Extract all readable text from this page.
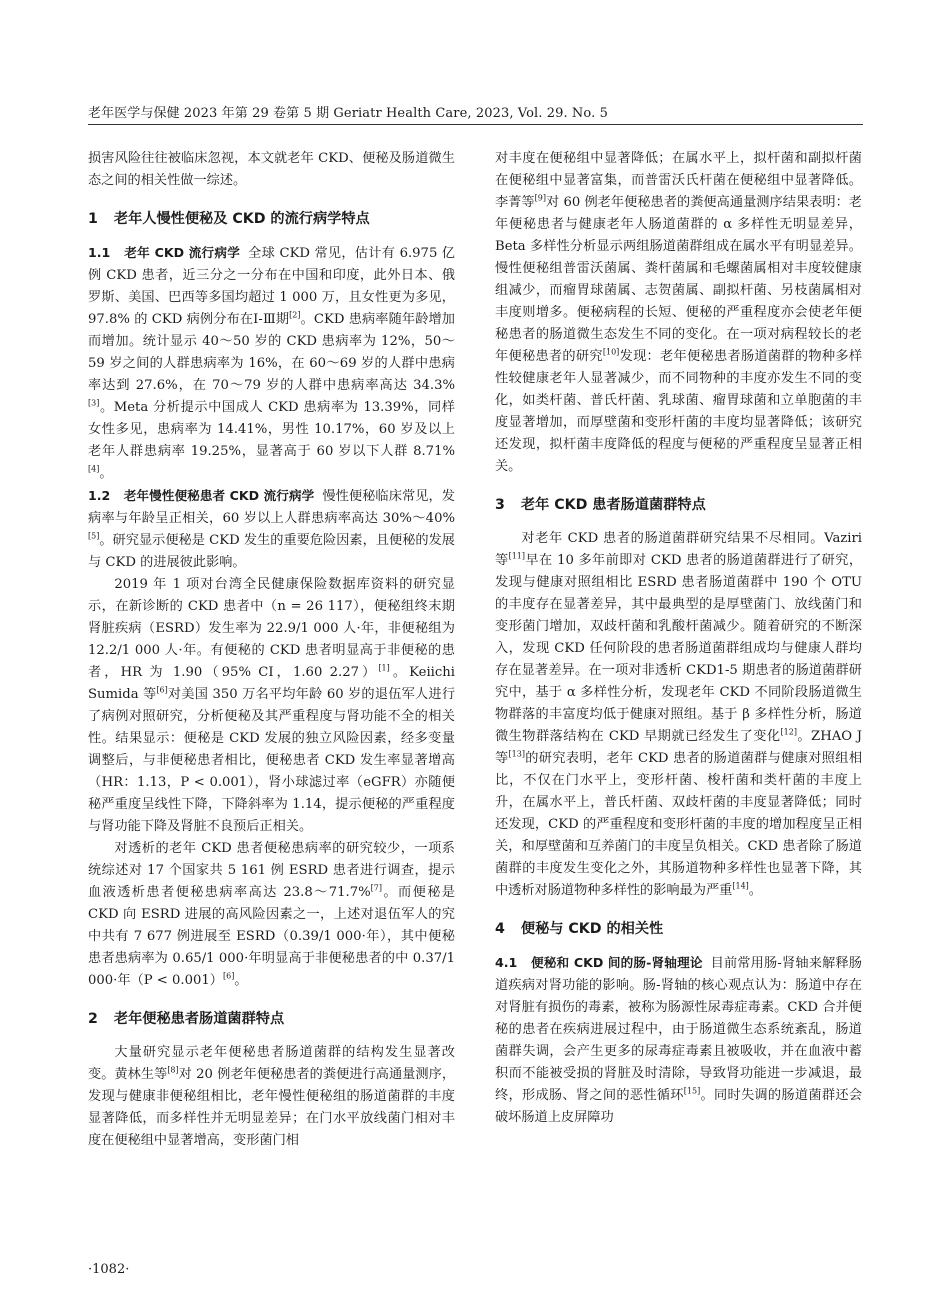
老年医学与保健 2023 年第 29 卷第 5 期 Geriatr Health Care, 2023, Vol. 29. No. 5

损害风险往往被临床忽视，本文就老年 CKD、便秘及肠道微生态之间的相关性做一综述。

1 老年人慢性便秘及 CKD 的流行病学特点

1.1 老年 CKD 流行病学 全球 CKD 常见，估计有 6.975 亿例 CKD 患者，近三分之一分布在中国和印度，此外日本、俄罗斯、美国、巴西等多国均超过 1 000 万，且女性更为多见，97.8% 的 CKD 病例分布在Ⅰ-Ⅲ期[2]。CKD 患病率随年龄增加而增加。统计显示 40～50 岁的 CKD 患病率为 12%，50～59 岁之间的人群患病率为 16%，在 60～69 岁的人群中患病率达到 27.6%，在 70～79 岁的人群中患病率高达 34.3%[3]。Meta 分析提示中国成人 CKD 患病率为 13.39%，同样女性多见，患病率为 14.41%，男性 10.17%，60 岁及以上老年人群患病率 19.25%，显著高于 60 岁以下人群 8.71%[4]。

1.2 老年慢性便秘患者 CKD 流行病学 慢性便秘临床常见，发病率与年龄呈正相关，60 岁以上人群患病率高达 30%～40%[5]。研究显示便秘是 CKD 发生的重要危险因素，且便秘的发展与 CKD 的进展彼此影响。

2019 年 1 项对台湾全民健康保险数据库资料的研究显示，在新诊断的 CKD 患者中（n = 26 117），便秘组终末期肾脏疾病（ESRD）发生率为 22.9/1 000 人·年，非便秘组为 12.2/1 000 人·年。有便秘的 CKD 患者明显高于非便秘的患者，HR 为 1.90（95% CI，1.60 2.27）[1]。Keiichi Sumida 等[6]对美国 350 万名平均年龄 60 岁的退伍军人进行了病例对照研究，分析便秘及其严重程度与肾功能不全的相关性。结果显示：便秘是 CKD 发展的独立风险因素，经多变量调整后，与非便秘患者相比，便秘患者 CKD 发生率显著增高（HR：1.13，P < 0.001），肾小球滤过率（eGFR）亦随便秘严重度呈线性下降，下降斜率为 1.14，提示便秘的严重程度与肾功能下降及肾脏不良预后正相关。

对透析的老年 CKD 患者便秘患病率的研究较少，一项系统综述对 17 个国家共 5 161 例 ESRD 患者进行调查，提示血液透析患者便秘患病率高达 23.8～71.7%[7]。而便秘是 CKD 向 ESRD 进展的高风险因素之一，上述对退伍军人的究中共有 7 677 例进展至 ESRD（0.39/1 000·年），其中便秘患者患病率为 0.65/1 000·年明显高于非便秘患者的中 0.37/1 000·年（P < 0.001）[6]。

2 老年便秘患者肠道菌群特点

大量研究显示老年便秘患者肠道菌群的结构发生显著改变。黄林生等[8]对 20 例老年便秘患者的粪便进行高通量测序，发现与健康非便秘组相比，老年慢性便秘组的肠道菌群的丰度显著降低，而多样性并无明显差异；在门水平放线菌门相对丰度在便秘组中显著增高，变形菌门相

对丰度在便秘组中显著降低；在属水平上，拟杆菌和副拟杆菌在便秘组中显著富集，而普雷沃氏杆菌在便秘组中显著降低。李菁等[9]对 60 例老年便秘患者的粪便高通量测序结果表明：老年便秘患者与健康老年人肠道菌群的 α 多样性无明显差异，Beta 多样性分析显示两组肠道菌群组成在属水平有明显差异。慢性便秘组普雷沃菌属、粪杆菌属和毛螺菌属相对丰度较健康组减少，而瘤胃球菌属、志贺菌属、副拟杆菌、另枝菌属相对丰度则增多。便秘病程的长短、便秘的严重程度亦会使老年便秘患者的肠道微生态发生不同的变化。在一项对病程较长的老年便秘患者的研究[10]发现：老年便秘患者肠道菌群的物种多样性较健康老年人显著减少，而不同物种的丰度亦发生不同的变化，如类杆菌、普氏杆菌、乳球菌、瘤胃球菌和立单胞菌的丰度显著增加，而厚壁菌和变形杆菌的丰度均显著降低；该研究还发现，拟杆菌丰度降低的程度与便秘的严重程度呈显著正相关。

3 老年 CKD 患者肠道菌群特点

对老年 CKD 患者的肠道菌群研究结果不尽相同。Vaziri 等[11]早在 10 多年前即对 CKD 患者的肠道菌群进行了研究，发现与健康对照组相比 ESRD 患者肠道菌群中 190 个 OTU 的丰度存在显著差异，其中最典型的是厚壁菌门、放线菌门和变形菌门增加，双歧杆菌和乳酸杆菌减少。随着研究的不断深入，发现 CKD 任何阶段的患者肠道菌群组成均与健康人群均存在显著差异。在一项对非透析 CKD1-5 期患者的肠道菌群研究中，基于 α 多样性分析，发现老年 CKD 不同阶段肠道微生物群落的丰富度均低于健康对照组。基于 β 多样性分析，肠道微生物群落结构在 CKD 早期就已经发生了变化[12]。ZHAO J 等[13]的研究表明，老年 CKD 患者的肠道菌群与健康对照组相比，不仅在门水平上，变形杆菌、梭杆菌和类杆菌的丰度上升，在属水平上，普氏杆菌、双歧杆菌的丰度显著降低；同时还发现，CKD 的严重程度和变形杆菌的丰度的增加程度呈正相关，和厚壁菌和互养菌门的丰度呈负相关。CKD 患者除了肠道菌群的丰度发生变化之外，其肠道物种多样性也显著下降，其中透析对肠道物种多样性的影响最为严重[14]。

4 便秘与 CKD 的相关性

4.1 便秘和 CKD 间的肠-肾轴理论 目前常用肠-肾轴来解释肠道疾病对肾功能的影响。肠-肾轴的核心观点认为：肠道中存在对肾脏有损伤的毒素，被称为肠源性尿毒症毒素。CKD 合并便秘的患者在疾病进展过程中，由于肠道微生态系统紊乱，肠道菌群失调，会产生更多的尿毒症毒素且被吸收，并在血液中蓄积而不能被受损的肾脏及时清除，导致肾功能进一步减退，最终，形成肠、肾之间的恶性循环[15]。同时失调的肠道菌群还会破坏肠道上皮屏障功

·1082·
